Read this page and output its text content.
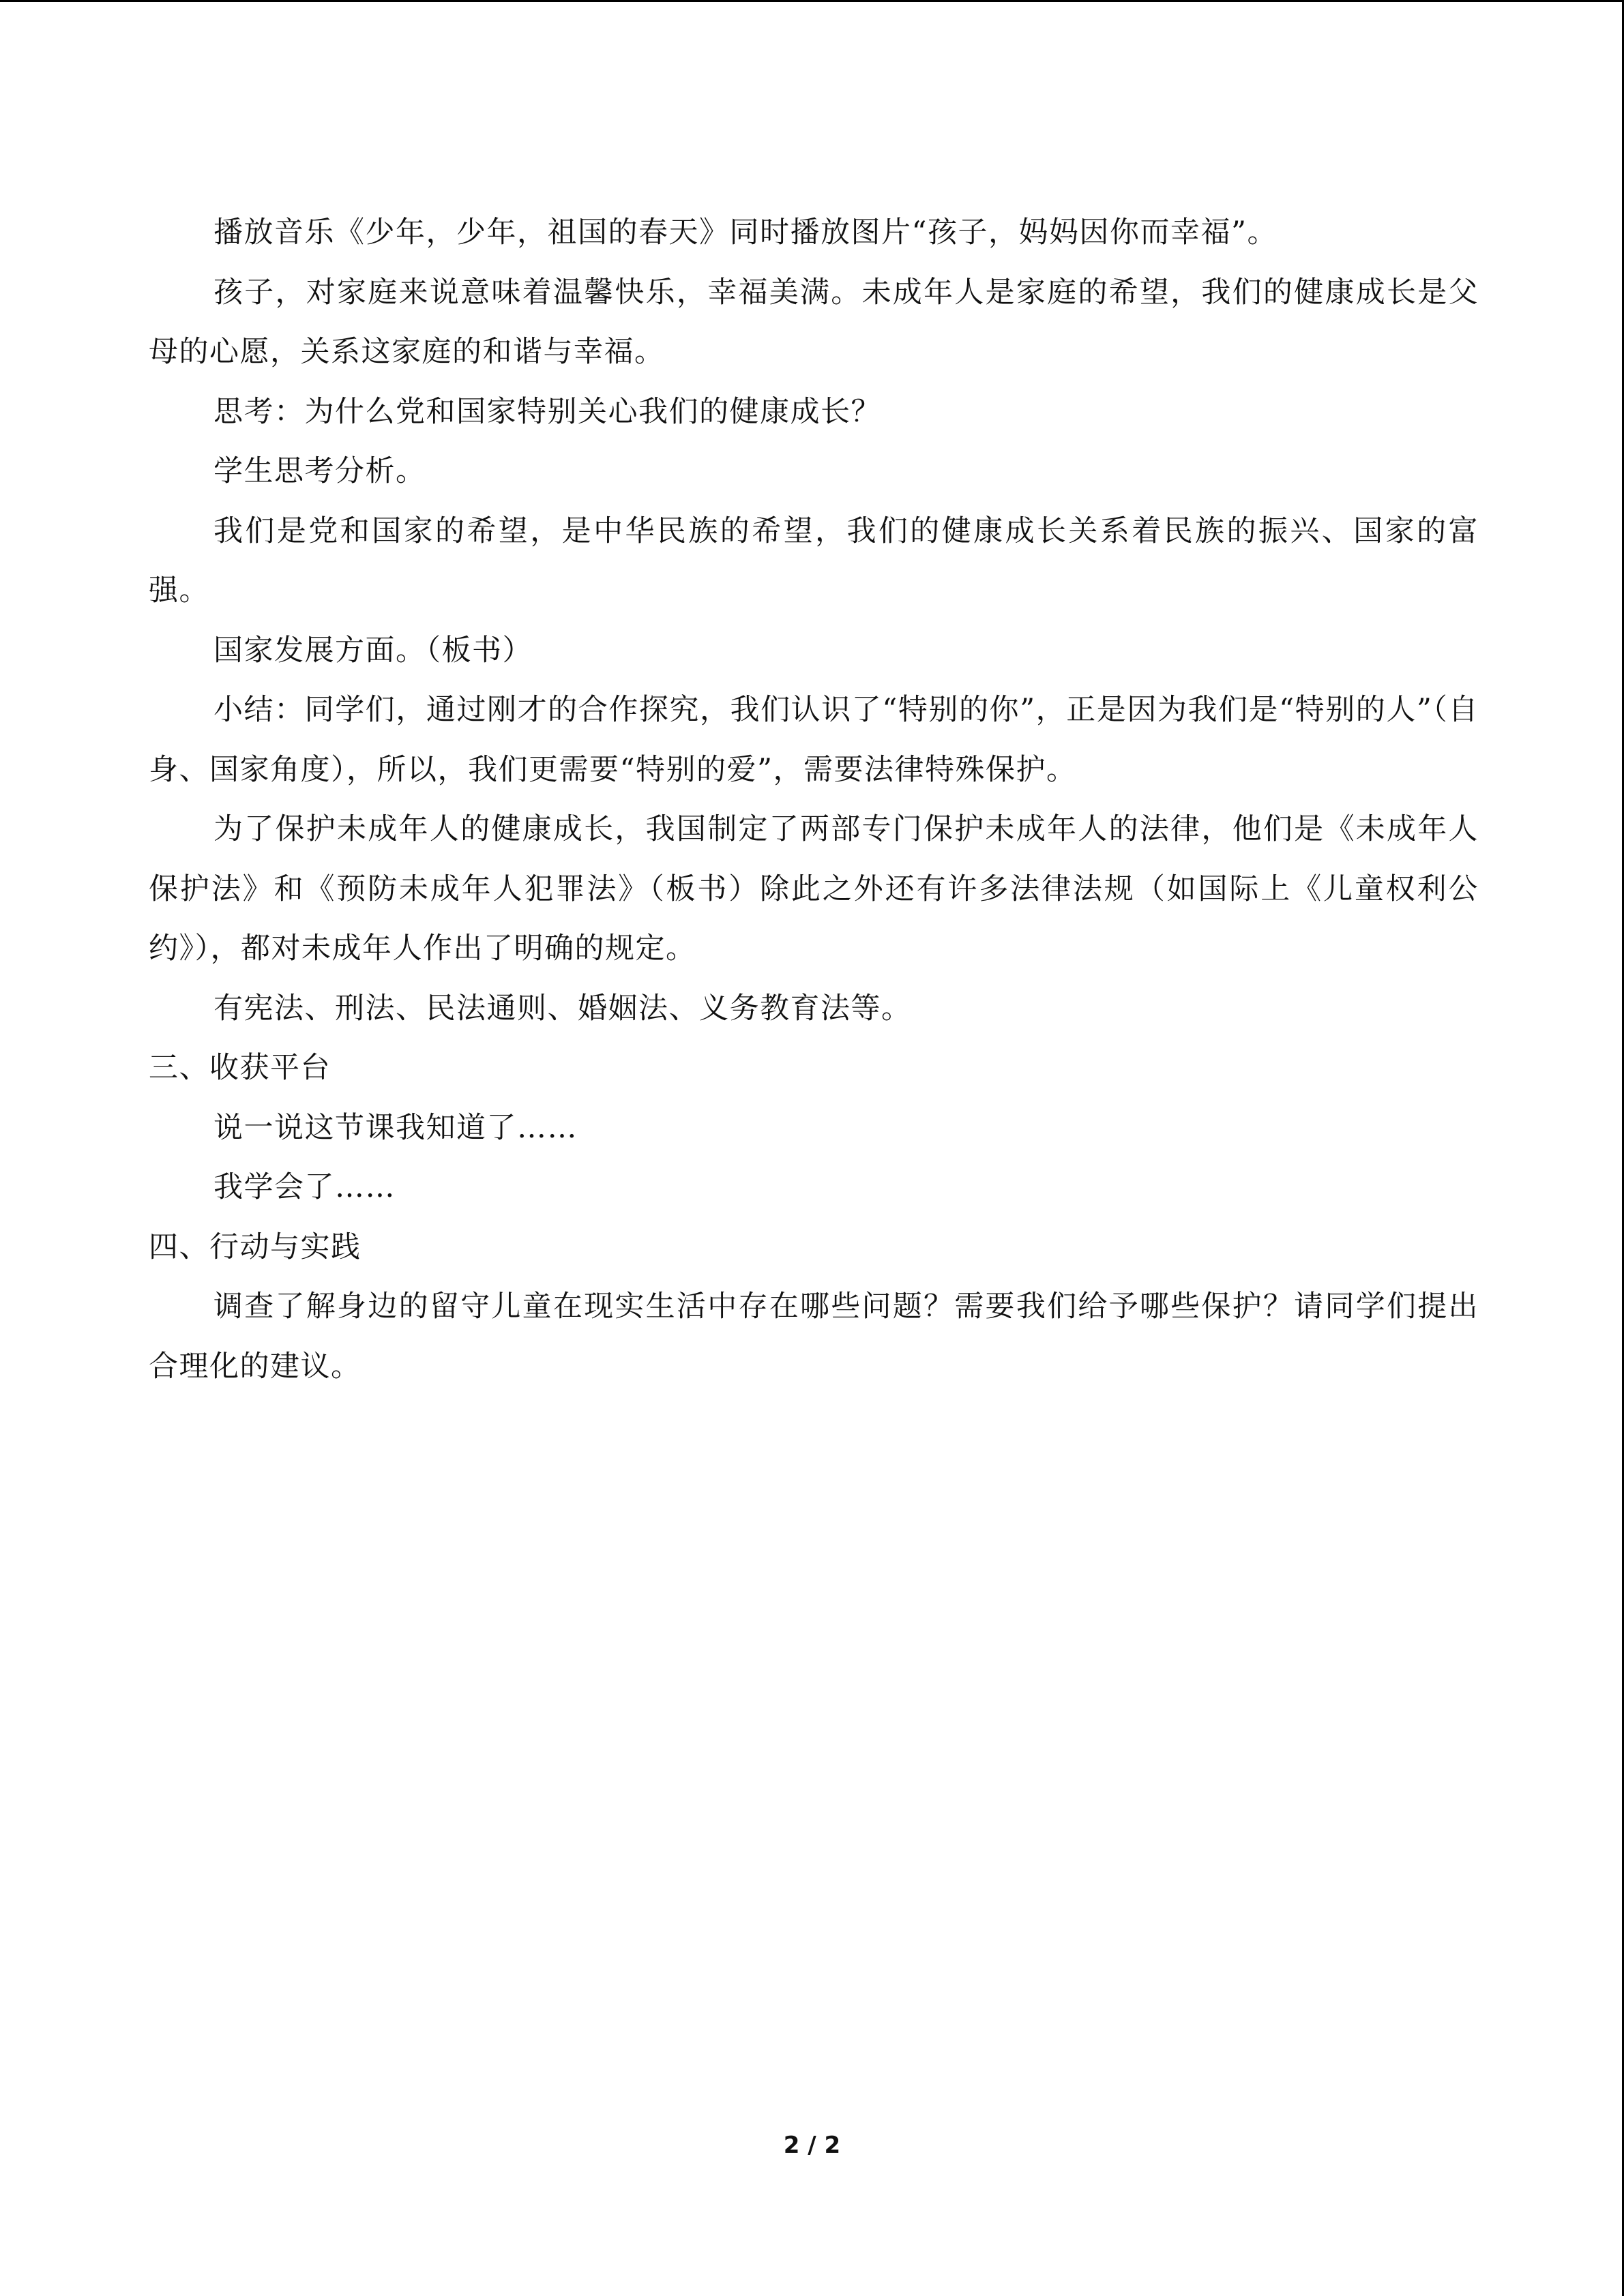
播放音乐《少年，少年，祖国的春天》同时播放图片“孩子，妈妈因你而幸福”。

孩子，对家庭来说意味着温馨快乐，幸福美满。未成年人是家庭的希望，我们的健康成长是父母的心愿，关系这家庭的和谐与幸福。

思考：为什么党和国家特别关心我们的健康成长？

学生思考分析。

我们是党和国家的希望，是中华民族的希望，我们的健康成长关系着民族的振兴、国家的富强。

国家发展方面。（板书）

小结：同学们，通过刚才的合作探究，我们认识了“特别的你”，正是因为我们是“特别的人”（自身、国家角度），所以，我们更需要“特别的爱”，需要法律特殊保护。

为了保护未成年人的健康成长，我国制定了两部专门保护未成年人的法律，他们是《未成年人保护法》和《预防未成年人犯罪法》（板书）除此之外还有许多法律法规（如国际上《儿童权利公约》），都对未成年人作出了明确的规定。

有宪法、刑法、民法通则、婚姻法、义务教育法等。

三、收获平台

说一说这节课我知道了……

我学会了……

四、行动与实践

调查了解身边的留守儿童在现实生活中存在哪些问题？需要我们给予哪些保护？请同学们提出合理化的建议。

2 / 2
